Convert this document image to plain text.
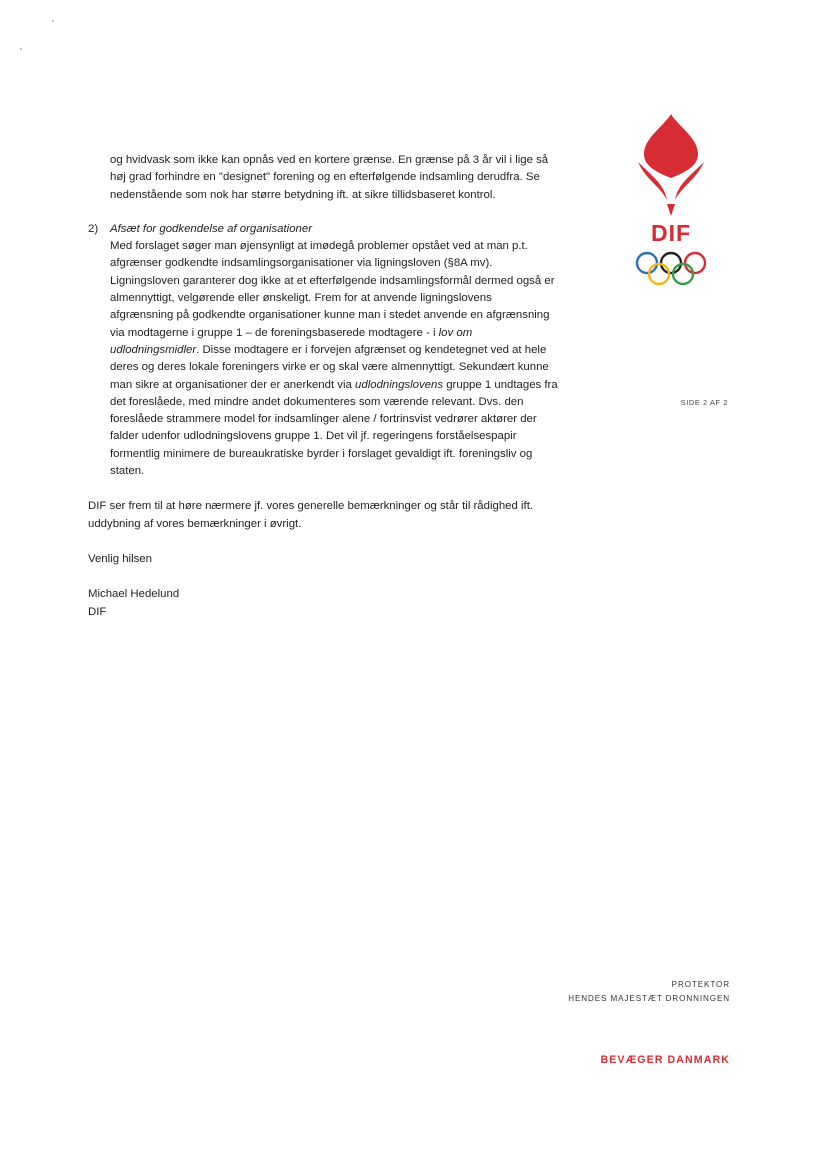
og hvidvask som ikke kan opnås ved en kortere grænse. En grænse på 3 år vil i lige så høj grad forhindre en "designet" forening og en efterfølgende indsamling derudfra. Se nedenstående som nok har større betydning ift. at sikre tillidsbaseret kontrol.

2) Afsæt for godkendelse af organisationer

Med forslaget søger man øjensynligt at imødegå problemer opstået ved at man p.t. afgrænser godkendte indsamlingsorganisationer via ligningsloven (§8A mv). Ligningsloven garanterer dog ikke at et efterfølgende indsamlingsformål dermed også er almennyttigt, velgørende eller ønskeligt. Frem for at anvende ligningslovens afgrænsning på godkendte organisationer kunne man i stedet anvende en afgrænsning via modtagerne i gruppe 1 – de foreningsbaserede modtagere - i lov om udlodningsmidler. Disse modtagere er i forvejen afgrænset og kendetegnet ved at hele deres og deres lokale foreningers virke er og skal være almennyttigt. Sekundært kunne man sikre at organisationer der er anerkendt via udlodningslovens gruppe 1 undtages fra det foreslåede, med mindre andet dokumenteres som værende relevant. Dvs. den foreslåede strammere model for indsamlinger alene / fortrinsvist vedrører aktører der falder udenfor udlodningslovens gruppe 1. Det vil jf. regeringens forståelsespapir formentlig minimere de bureaukratiske byrder i forslaget gevaldigt ift. foreningsliv og staten.

DIF ser frem til at høre nærmere jf. vores generelle bemærkninger og står til rådighed ift. uddybning af vores bemærkninger i øvrigt.

Venlig hilsen

Michael Hedelund

DIF

DIF
SIDE 2 AF 2
PROTEKTOR
HENDES MAJESTÆT DRONNINGEN
BEVÆGER DANMARK
